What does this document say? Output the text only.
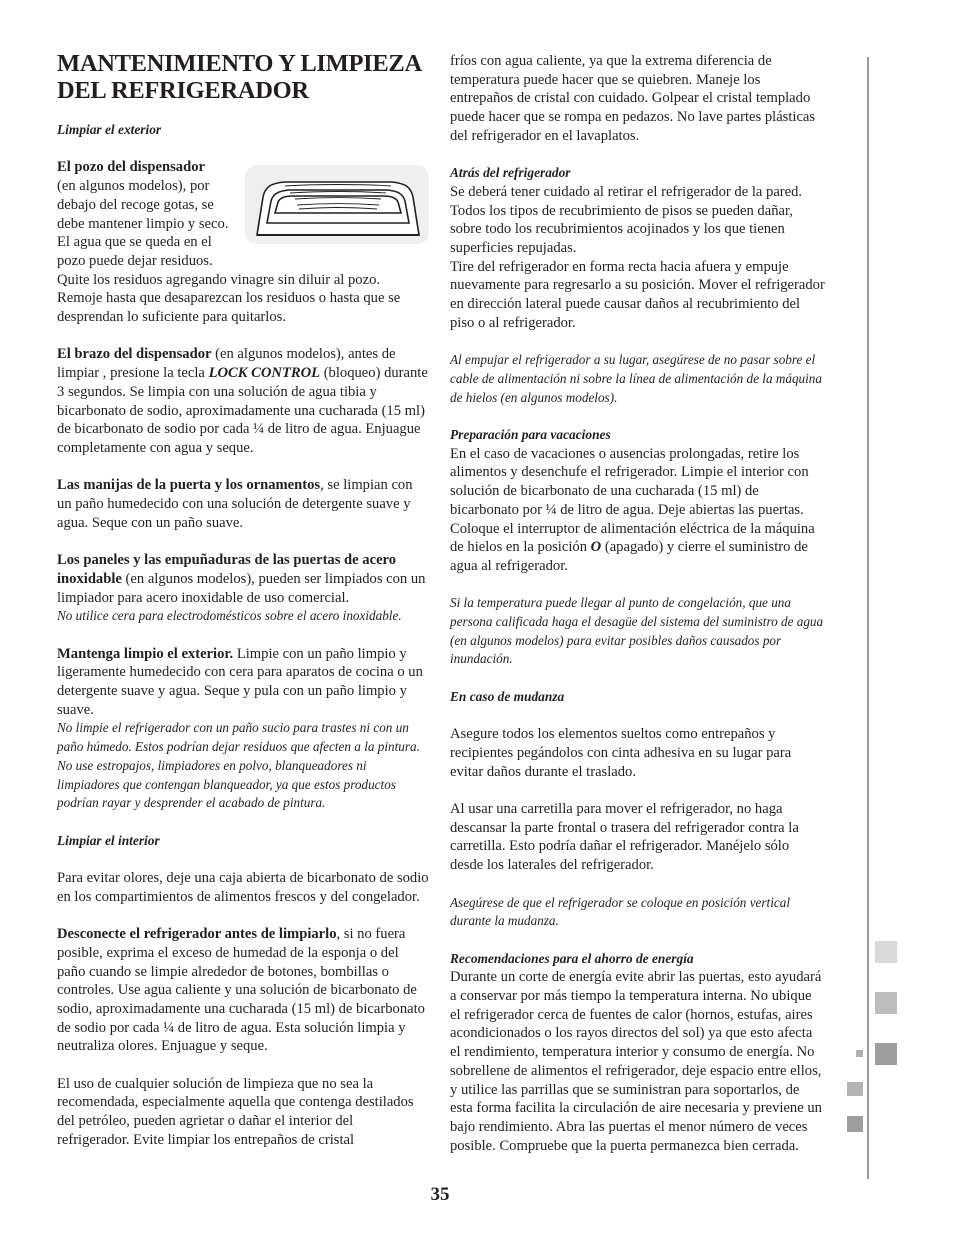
MANTENIMIENTO Y LIMPIEZA
DEL REFRIGERADOR

Limpiar el exterior

El pozo del dispensador

(en algunos modelos), por

debajo del recoge gotas, se

debe mantener limpio y seco.

El agua que se queda en el

pozo puede dejar residuos.

Quite los residuos agregando vinagre sin diluir al pozo. Remoje hasta que desaparezcan los residuos o hasta que se desprendan lo suficiente para quitarlos.

El brazo del dispensador (en algunos modelos), antes de limpiar , presione la tecla LOCK CONTROL (bloqueo) durante 3 segundos. Se limpia con una solución de agua tibia y bicarbonato de sodio, aproximadamente una cucharada (15 ml) de bicarbonato de sodio por cada ¼ de litro de agua. Enjuague completamente con agua y seque.

Las manijas de la puerta y los ornamentos, se limpian con un paño humedecido con una solución de detergente suave y agua. Seque con un paño suave.

Los paneles y las empuñaduras de las puertas de acero inoxidable (en algunos modelos), pueden ser limpiados con un limpiador para acero inoxidable de uso comercial.

No utilice cera para electrodomésticos sobre el acero inoxidable.

Mantenga limpio el exterior. Limpie con un paño limpio y ligeramente humedecido con cera para aparatos de cocina o un detergente suave y agua. Seque y pula con un paño limpio y suave.

No limpie el refrigerador con un paño sucio para trastes ni con un paño húmedo. Estos podrían dejar residuos que afecten a la pintura. No use estropajos, limpiadores en polvo, blanqueadores ni limpiadores que contengan blanqueador, ya que estos productos podrían rayar y desprender el acabado de pintura.

Limpiar el interior

Para evitar olores, deje una caja abierta de bicarbonato de sodio en los compartimientos de alimentos frescos y del congelador.

Desconecte el refrigerador antes de limpiarlo, si no fuera posible, exprima el exceso de humedad de la esponja o del paño cuando se limpie alrededor de botones, bombillas o controles. Use agua caliente y una solución de bicarbonato de sodio, aproximadamente una cucharada (15 ml) de bicarbonato de sodio por cada ¼ de litro de agua. Esta solución limpia y neutraliza olores. Enjuague y seque.

El uso de cualquier solución de limpieza que no sea la recomendada, especialmente aquella que contenga destilados del petróleo, pueden agrietar o dañar el interior del refrigerador. Evite limpiar los entrepaños de cristal

fríos con agua caliente, ya que la extrema diferencia de temperatura puede hacer que se quiebren. Maneje los entrepaños de cristal con cuidado. Golpear el cristal templado puede hacer que se rompa en pedazos. No lave partes plásticas del refrigerador en el lavaplatos.

Atrás del refrigerador

Se deberá tener cuidado al retirar el refrigerador de la pared. Todos los tipos de recubrimiento de pisos se pueden dañar, sobre todo los recubrimientos acojinados y los que tienen superficies repujadas.

Tire del refrigerador en forma recta hacia afuera y empuje nuevamente para regresarlo a su posición. Mover el refrigerador en dirección lateral puede causar daños al recubrimiento del piso o al refrigerador.

Al empujar el refrigerador a su lugar, asegúrese de no pasar sobre el cable de alimentación ni sobre la línea de alimentación de la máquina de hielos (en algunos modelos).

Preparación para vacaciones

En el caso de vacaciones o ausencias prolongadas, retire los alimentos y desenchufe el refrigerador. Limpie el interior con solución de bicarbonato de una cucharada (15 ml) de bicarbonato por ¼ de litro de agua. Deje abiertas las puertas. Coloque el interruptor de alimentación eléctrica de la máquina de hielos en la posición O (apagado) y cierre el suministro de agua al refrigerador.

Si la temperatura puede llegar al punto de congelación, que una persona calificada haga el desagüe del sistema del suministro de agua (en algunos modelos) para evitar posibles daños causados por inundación.

En caso de mudanza

Asegure todos los elementos sueltos como entrepaños y recipientes pegándolos con cinta adhesiva en su lugar para evitar daños durante el traslado.

Al usar una carretilla para mover el refrigerador, no haga descansar la parte frontal o trasera del refrigerador contra la carretilla. Esto podría dañar el refrigerador. Manéjelo sólo desde los laterales del refrigerador.

Asegúrese de que el refrigerador se coloque en posición vertical durante la mudanza.

Recomendaciones para el ahorro de energía

Durante un corte de energía evite abrir las puertas, esto ayudará a conservar por más tiempo la temperatura interna. No ubique el refrigerador cerca de fuentes de calor (hornos, estufas, aires acondicionados o los rayos directos del sol) ya que esto afecta el rendimiento, temperatura interior y consumo de energía. No sobrellene de alimentos el refrigerador, deje espacio entre ellos, y utilice las parrillas que se suministran para soportarlos, de esta forma facilita la circulación de aire necesaria y previene un bajo rendimiento. Abra las puertas el menor número de veces posible. Compruebe que la puerta permanezca bien cerrada.

35
